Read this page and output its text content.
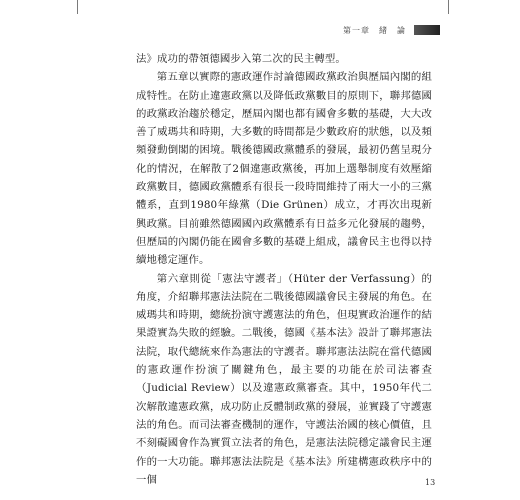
第一章　緒　論

法》成功的帶領德國步入第二次的民主轉型。

第五章以實際的憲政運作討論德國政黨政治與歷屆內閣的組成特性。在防止違憲政黨以及降低政黨數目的原則下，聯邦德國的政黨政治趨於穩定，歷屆內閣也都有國會多數的基礎，大大改善了威瑪共和時期，大多數的時間都是少數政府的狀態，以及頻頻發動倒閣的困境。戰後德國政黨體系的發展，最初仍舊呈現分化的情況，在解散了2個違憲政黨後，再加上選舉制度有效壓縮政黨數目，德國政黨體系有很長一段時間維持了兩大一小的三黨體系，直到1980年綠黨（Die Grünen）成立，才再次出現新興政黨。目前雖然德國國內政黨體系有日益多元化發展的趨勢，但歷屆的內閣仍能在國會多數的基礎上組成，議會民主也得以持續地穩定運作。

第六章則從「憲法守護者」（Hüter der Verfassung）的角度，介紹聯邦憲法法院在二戰後德國議會民主發展的角色。在威瑪共和時期，總統扮演守護憲法的角色，但現實政治運作的結果證實為失敗的經驗。二戰後，德國《基本法》設計了聯邦憲法法院，取代總統來作為憲法的守護者。聯邦憲法法院在當代德國的憲政運作扮演了關鍵角色，最主要的功能在於司法審查（Judicial Review）以及違憲政黨審查。其中，1950年代二次解散違憲政黨，成功防止反體制政黨的發展，並實踐了守護憲法的角色。而司法審查機制的運作，守護法治國的核心價值，且不刻礙國會作為實質立法者的角色，是憲法法院穩定議會民主運作的一大功能。聯邦憲法法院是《基本法》所建構憲政秩序中的一個	13
